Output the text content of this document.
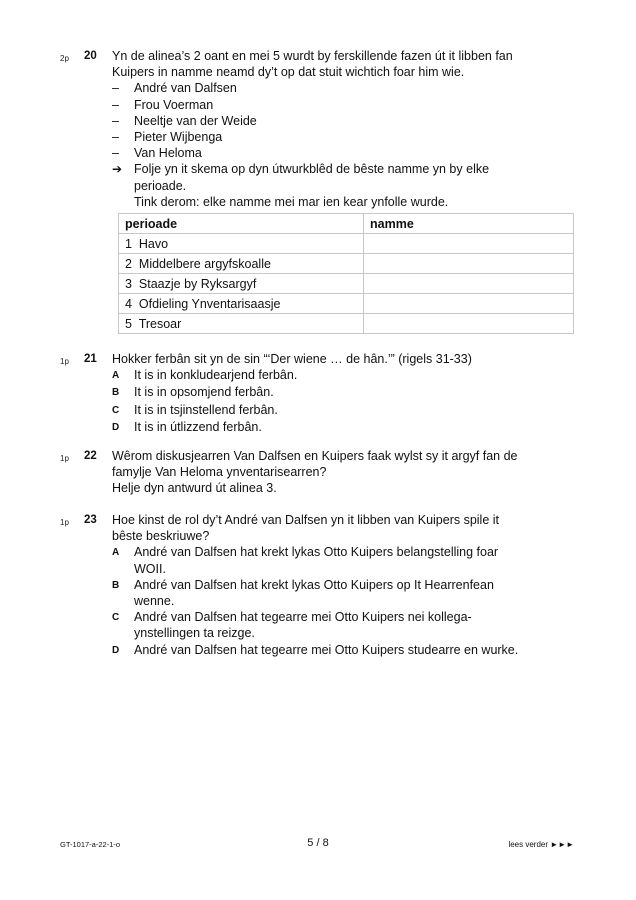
2p 20 Yn de alinea’s 2 oant en mei 5 wurdt by ferskillende fazen út it libben fan
Kuipers in namme neamd dy’t op dat stuit wichtich foar him wie.
–	André van Dalfsen
–	Frou Voerman
–	Neeltje van der Weide
–	Pieter Wijbenga
–	Van Heloma
➔ Folje yn it skema op dyn útwurkblêd de bêste namme yn by elke
perioade.
Tink derom: elke namme mei mar ien kear ynfolle wurde.
perioade	namme
1 Havo	
2 Middelbere argyfskoalle	
3 Staazje by Ryksargyf	
4 Ofdieling Ynventarisaasje	
5 Tresoar	
1p 21 Hokker ferbân sit yn de sin “‘Der wiene … de hân.’” (rigels 31-33)
A	It is in konkludearjend ferbân.
B	It is in opsomjend ferbân.
C	It is in tsjinstellend ferbân.
D	It is in útlizzend ferbân.
1p 22 Wêrom diskusjearren Van Dalfsen en Kuipers faak wylst sy it argyf fan de
famylje Van Heloma ynventarisearren?
Helje dyn antwurd út alinea 3.
1p 23 Hoe kinst de rol dy’t André van Dalfsen yn it libben van Kuipers spile it
bêste beskriuwe?
A	André van Dalfsen hat krekt lykas Otto Kuipers belangstelling foar
WOII.
B	André van Dalfsen hat krekt lykas Otto Kuipers op It Hearrenfean
wenne.
C	André van Dalfsen hat tegearre mei Otto Kuipers nei kollega-
ynstellingen ta reizge.
D	André van Dalfsen hat tegearre mei Otto Kuipers studearre en wurke.
GT-1017-a-22-1-o	5 / 8	lees verder ►►►
